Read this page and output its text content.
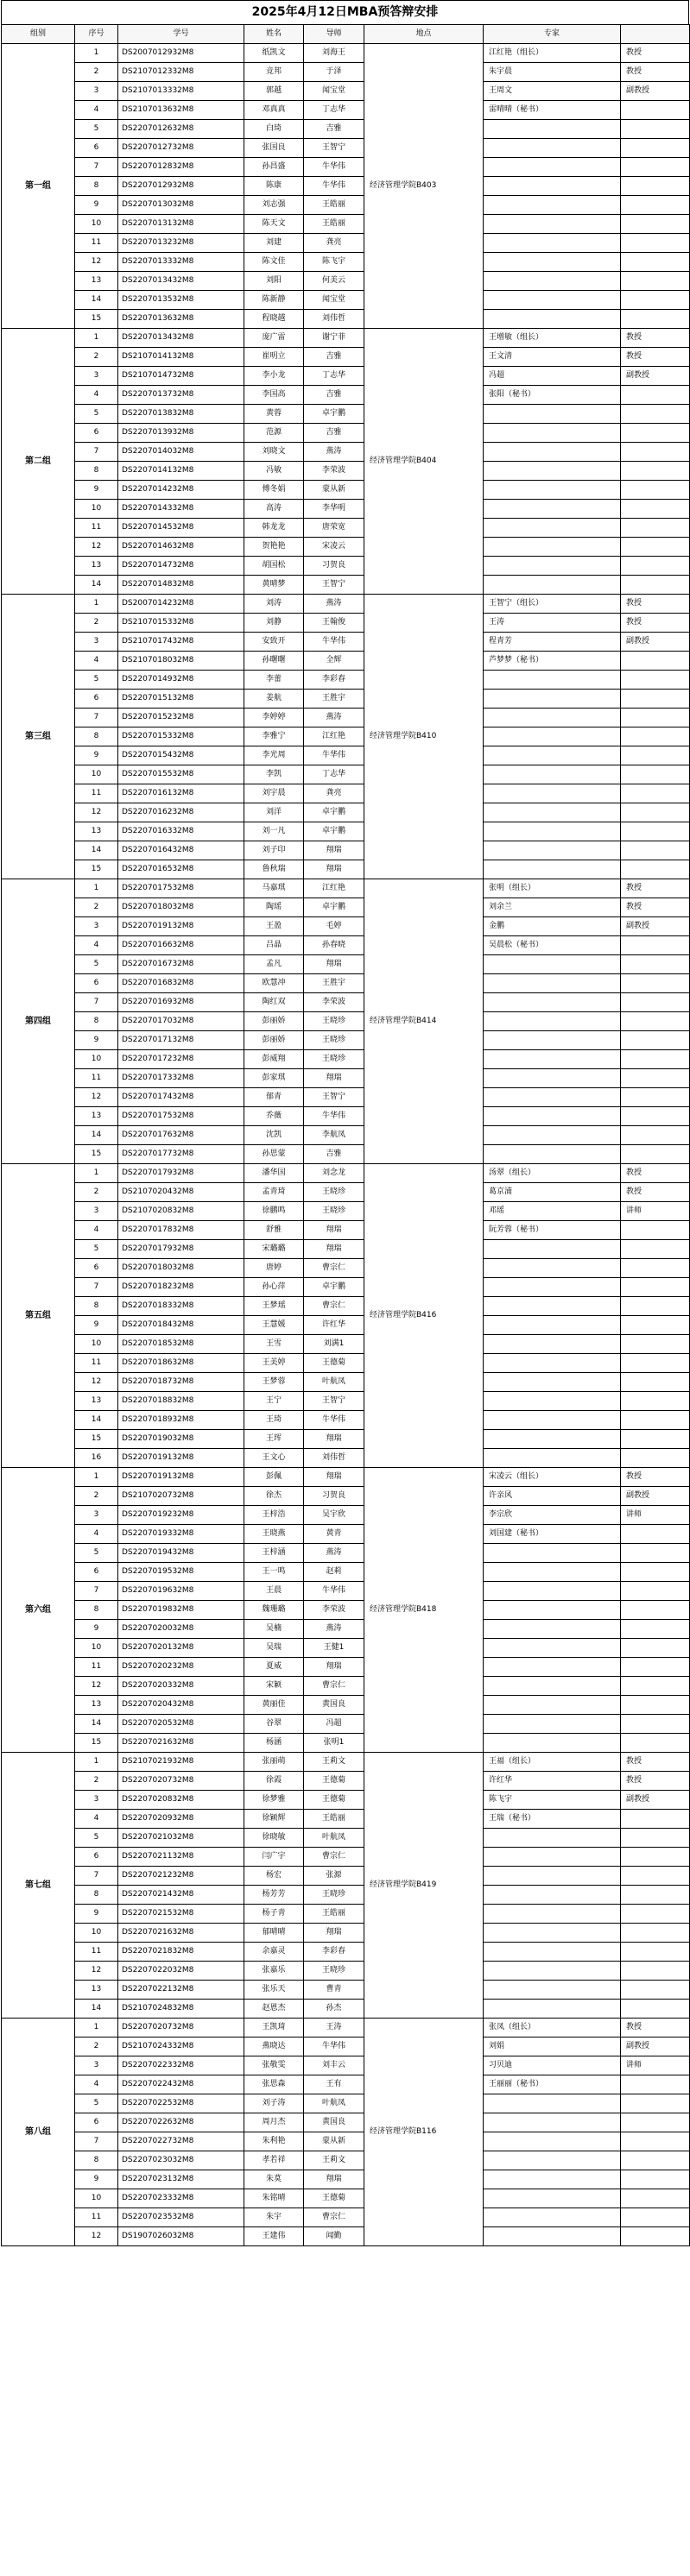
2025年4月12日MBA预答辩安排
组别	序号	学号	姓名	导师	地点	专家	
第一组	1	DS2007012932M8	纸凯文	刘海王	经济管理学院B403	江红艳（组长）	教授
	2	DS2107012332M8	竞邦	于泽		朱宇晨	教授
	3	DS2107013332M8	郭越	闻宝堂		王周文	副教授
	4	DS2107013632M8	邓真真	丁志华		雷晴晴（秘书）	
	5	DS2207012632M8	白琦	吉雅			
	6	DS2207012732M8	张国良	王智宁			
	7	DS2207012832M8	孙昌盛	牛华伟			
	8	DS2207012932M8	陈康	牛华伟			
	9	DS2207013032M8	刘志强	王皓丽			
	10	DS2207013132M8	陈天文	王皓丽			
	11	DS2207013232M8	刘建	龚亮			
	12	DS2207013332M8	陈文佳	陈飞宇			
	13	DS2207013432M8	刘阳	何美云			
	14	DS2207013532M8	陈新静	闻宝堂			
	15	DS2207013632M8	程晓越	刘伟哲			
第二组	1	DS2207013432M8	庞广雷	谢宁菲	经济管理学院B404	王增敏（组长）	教授
	2	DS2107014132M8	崔明立	吉雅		王文清	教授
	3	DS2107014732M8	李小龙	丁志华		冯超	副教授
	4	DS2207013732M8	李国高	吉雅		张阳（秘书）	
	5	DS2207013832M8	黄蓉	卓宇鹏			
	6	DS2207013932M8	范源	吉雅			
	7	DS2207014032M8	刘晓文	燕涛			
	8	DS2207014132M8	冯敏	李荣波			
	9	DS2207014232M8	傅冬娟	蒙从新			
	10	DS2207014332M8	高涛	李华明			
	11	DS2207014532M8	韩龙龙	唐荣宽			
	12	DS2207014632M8	贺艳艳	宋凌云			
	13	DS2207014732M8	胡国松	习贺良			
	14	DS2207014832M8	黄晴梦	王智宁			
第三组	1	DS2007014232M8	刘涛	燕涛	经济管理学院B410	王智宁（组长）	教授
	2	DS2107015332M8	刘静	王翰俊		王涛	教授
	3	DS2107017432M8	安致开	牛华伟		程青芳	副教授
	4	DS2107018032M8	孙曙曙	全辉		芦梦梦（秘书）	
	5	DS2207014932M8	李蕾	李彩春			
	6	DS2207015132M8	姜航	王胜宇			
	7	DS2207015232M8	李婷婷	燕涛			
	8	DS2207015332M8	李雅宁	江红艳			
	9	DS2207015432M8	李光周	牛华伟			
	10	DS2207015532M8	李凯	丁志华			
	11	DS2207016132M8	刘宇晨	龚亮			
	12	DS2207016232M8	刘洋	卓宇鹏			
	13	DS2207016332M8	刘一凡	卓宇鹏			
	14	DS2207016432M8	刘子印	翔瑞			
	15	DS2207016532M8	鲁秋瑞	翔瑞			
第四组	1	DS2207017532M8	马嘉琪	江红艳	经济管理学院B414	张明（组长）	教授
	2	DS2207018032M8	陶瑶	卓宇鹏		刘余兰	教授
	3	DS2207019132M8	王盈	毛婷		金鹏	副教授
	4	DS2207016632M8	吕晶	孙春晓		吴晨松（秘书）	
	5	DS2207016732M8	孟凡	翔瑞			
	6	DS2207016832M8	欧慧冲	王胜宇			
	7	DS2207016932M8	陶红双	李荣波			
	8	DS2207017032M8	彭丽娇	王晓珍			
	9	DS2207017132M8	彭丽娇	王晓珍			
	10	DS2207017232M8	彭威翔	王晓珍			
	11	DS2207017332M8	彭家琪	翔瑞			
	12	DS2207017432M8	郁青	王智宁			
	13	DS2207017532M8	乔薇	牛华伟			
	14	DS2207017632M8	沈凯	李航凤			
	15	DS2207017732M8	孙思蒙	吉雅			
第五组	1	DS2207017932M8	潘华国	刘念龙	经济管理学院B416	汤翠（组长）	教授
	2	DS2107020432M8	孟青琦	王晓珍		葛京浦	教授
	3	DS2107020832M8	徐鹏鸣	王晓珍		邓瑶	讲师
	4	DS2207017832M8	舒雅	翔瑞		阮芳蓉（秘书）	
	5	DS2207017932M8	宋璐璐	翔瑞			
	6	DS2207018032M8	唐婷	曹宗仁			
	7	DS2207018232M8	孙心萍	卓宇鹏			
	8	DS2207018332M8	王梦瑶	曹宗仁			
	9	DS2207018432M8	王慧媛	许红华			
	10	DS2207018532M8	王雪	刘满1			
	11	DS2207018632M8	王美婷	王德菊			
	12	DS2207018732M8	王梦蓉	叶航凤			
	13	DS2207018832M8	王宁	王智宁			
	14	DS2207018932M8	王琦	牛华伟			
	15	DS2207019032M8	王珲	翔瑞			
	16	DS2207019132M8	王文心	刘伟哲			
第六组	1	DS2207019132M8	彭佩	翔瑞	经济管理学院B418	宋凌云（组长）	教授
	2	DS2107020732M8	徐杰	习贺良		许亲风	副教授
	3	DS2207019232M8	王梓浩	吴宇欣		李宗欣	讲师
	4	DS2207019332M8	王晓燕	黄青		刘国建（秘书）	
	5	DS2207019432M8	王梓涵	燕涛			
	6	DS2207019532M8	王一鸣	赵莉			
	7	DS2207019632M8	王晨	牛华伟			
	8	DS2207019832M8	魏珊璐	李荣波			
	9	DS2207020032M8	吴楠	燕涛			
	10	DS2207020132M8	吴瑞	王健1			
	11	DS2207020232M8	夏威	翔瑞			
	12	DS2207020332M8	宋颖	曹宗仁			
	13	DS2207020432M8	黄丽佳	黄国良			
	14	DS2207020532M8	谷翠	冯超			
	15	DS2207021632M8	杨涵	张明1			
第七组	1	DS2107021932M8	张丽萌	王莉文	经济管理学院B419	王福（组长）	教授
	2	DS2207020732M8	徐霞	王德菊		许红华	教授
	3	DS2207020832M8	徐梦雅	王德菊		陈飞宇	副教授
	4	DS2207020932M8	徐颖辉	王皓丽		王瑞（秘书）	
	5	DS2207021032M8	徐晓敏	叶航凤			
	6	DS2207021132M8	闫广宇	曹宗仁			
	7	DS2207021232M8	杨宏	张源			
	8	DS2207021432M8	杨芳芳	王晓珍			
	9	DS2207021532M8	杨子青	王皓丽			
	10	DS2207021632M8	郁晴晴	翔瑞			
	11	DS2207021832M8	余嘉灵	李彩春			
	12	DS2207022032M8	张嘉乐	王晓珍			
	13	DS2207022132M8	张乐天	曹青			
	14	DS2107024832M8	赵恩杰	孙杰			
第八组	1	DS2207020732M8	王凯琦	王涛	经济管理学院B116	张凤（组长）	教授
	2	DS2107024332M8	燕晓达	牛华伟		刘娟	副教授
	3	DS2207022332M8	张敬雯	刘丰云		习贝迪	讲师
	4	DS2207022432M8	张思森	王有		王丽丽（秘书）	
	5	DS2207022532M8	刘子涛	叶航凤			
	6	DS2207022632M8	周月杰	黄国良			
	7	DS2207022732M8	朱利艳	蒙从新			
	8	DS2207023032M8	孝若祥	王莉文			
	9	DS2207023132M8	朱莫	翔瑞			
	10	DS2207023332M8	朱铭晴	王德菊			
	11	DS2207023532M8	朱宇	曹宗仁			
	12	DS1907026032M8	王建伟	闻勤			
